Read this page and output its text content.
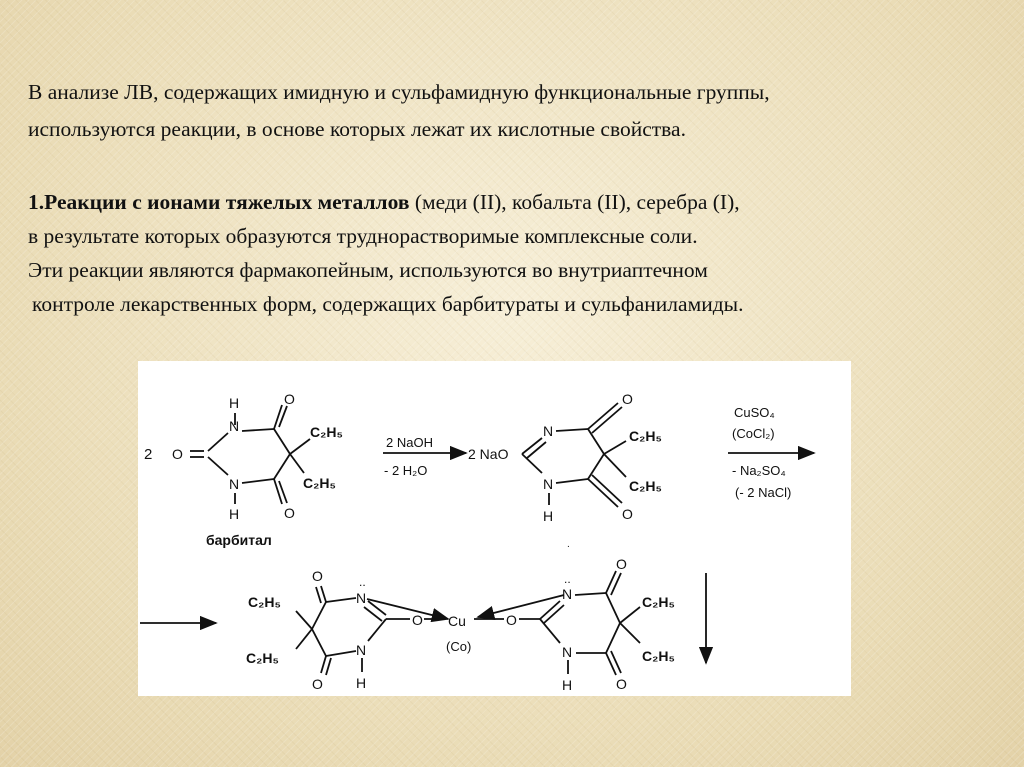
В анализе ЛВ, содержащих имидную и сульфамидную функциональные группы,

используются реакции, в основе которых лежат их кислотные свойства.

1.Реакции с ионами тяжелых металлов (меди (II), кобальта (II), серебра (I),

в результате которых образуются труднорастворимые комплексные соли.

Эти реакции являются фармакопейным, используются во внутриаптечном

контроле лекарственных форм, содержащих барбитураты и сульфаниламиды.

2
H
N
N
H
O
O
O
C₂H₅
C₂H₅
барбитал
2 NaOH
- 2 H₂O
2 NaO
N
N
H
O
O
C₂H₅
C₂H₅
.
CuSO₄
(CoCl₂)
- Na₂SO₄
(- 2 NaCl)
O
N
..
O
N
H
O
C₂H₅
C₂H₅
Cu
(Co)
O
N
..
N
H
O
O
C₂H₅
C₂H₅
